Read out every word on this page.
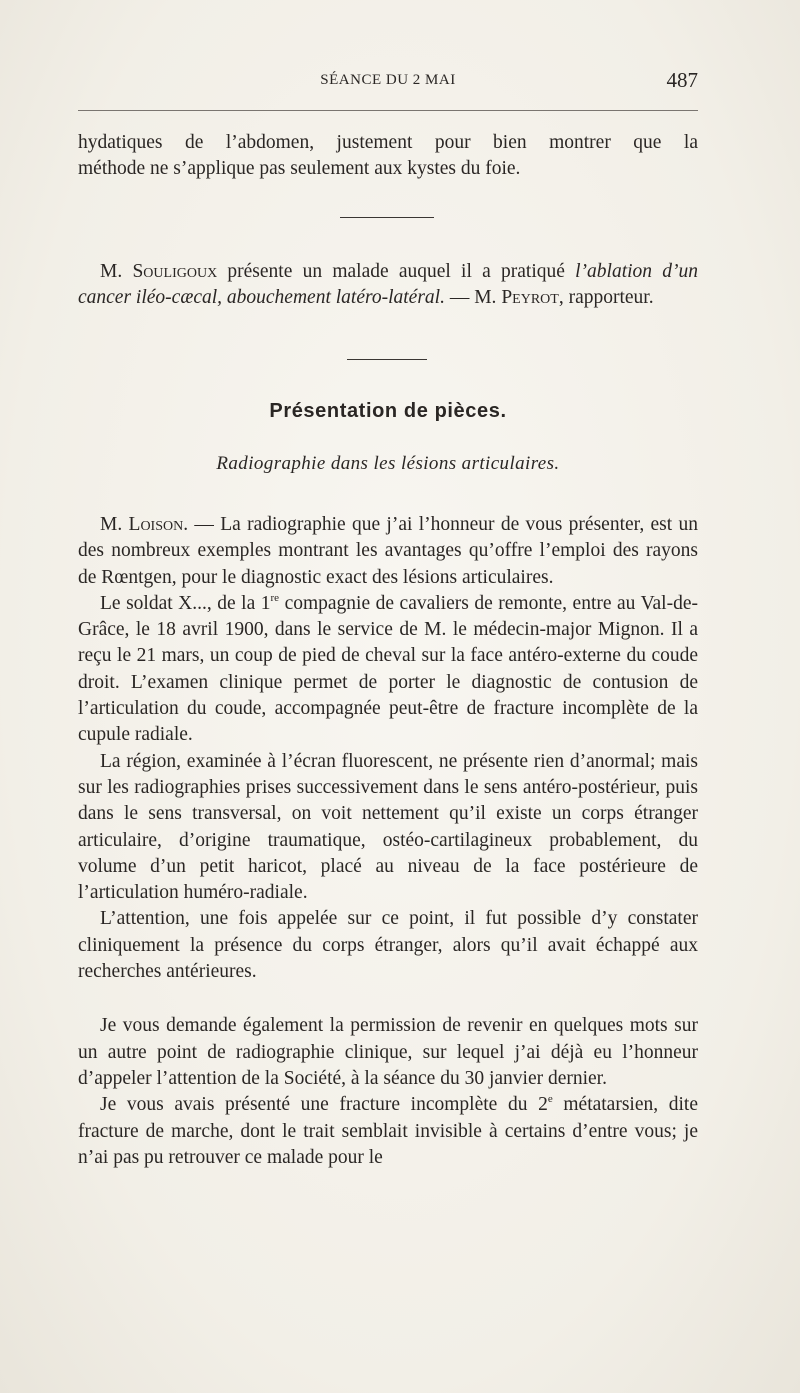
SÉANCE DU 2 MAI	487

hydatiques de l’abdomen, justement pour bien montrer que la

méthode ne s’applique pas seulement aux kystes du foie.

M. Souligoux présente un malade auquel il a pratiqué l’ablation d’un cancer iléo-cæcal, abouchement latéro-latéral. — M. Peyrot, rapporteur.

Présentation de pièces.
Radiographie dans les lésions articulaires.

M. Loison. — La radiographie que j’ai l’honneur de vous présenter, est un des nombreux exemples montrant les avantages qu’offre l’emploi des rayons de Rœntgen, pour le diagnostic exact des lésions articulaires.

Le soldat X..., de la 1re compagnie de cavaliers de remonte, entre au Val-de-Grâce, le 18 avril 1900, dans le service de M. le médecin-major Mignon. Il a reçu le 21 mars, un coup de pied de cheval sur la face antéro-externe du coude droit. L’examen clinique permet de porter le diagnostic de contusion de l’articulation du coude, accompagnée peut-être de fracture incomplète de la cupule radiale.

La région, examinée à l’écran fluorescent, ne présente rien d’anormal; mais sur les radiographies prises successivement dans le sens antéro-postérieur, puis dans le sens transversal, on voit nettement qu’il existe un corps étranger articulaire, d’origine traumatique, ostéo-cartilagineux probablement, du volume d’un petit haricot, placé au niveau de la face postérieure de l’articulation huméro-radiale.

L’attention, une fois appelée sur ce point, il fut possible d’y constater cliniquement la présence du corps étranger, alors qu’il avait échappé aux recherches antérieures.

Je vous demande également la permission de revenir en quelques mots sur un autre point de radiographie clinique, sur lequel j’ai déjà eu l’honneur d’appeler l’attention de la Société, à la séance du 30 janvier dernier.

Je vous avais présenté une fracture incomplète du 2e métatarsien, dite fracture de marche, dont le trait semblait invisible à certains d’entre vous; je n’ai pas pu retrouver ce malade pour le
